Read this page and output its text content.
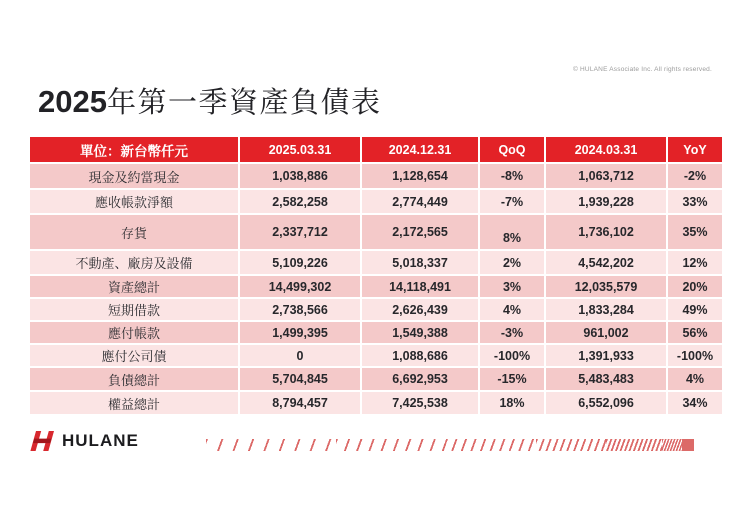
© HULANE Associate Inc. All rights reserved.
2025年第一季資產負債表
單位：新台幣仟元	2025.03.31	2024.12.31	QoQ	2024.03.31	YoY
現金及約當現金	1,038,886	1,128,654	-8%	1,063,712	-2%
應收帳款淨額	2,582,258	2,774,449	-7%	1,939,228	33%
存貨	2,337,712	2,172,565	8%	1,736,102	35%
不動產、廠房及設備	5,109,226	5,018,337	2%	4,542,202	12%
資產總計	14,499,302	14,118,491	3%	12,035,579	20%
短期借款	2,738,566	2,626,439	4%	1,833,284	49%
應付帳款	1,499,395	1,549,388	-3%	961,002	56%
應付公司債	0	1,088,686	-100%	1,391,933	-100%
負債總計	5,704,845	6,692,953	-15%	5,483,483	4%
權益總計	8,794,457	7,425,538	18%	6,552,096	34%
HULANE
